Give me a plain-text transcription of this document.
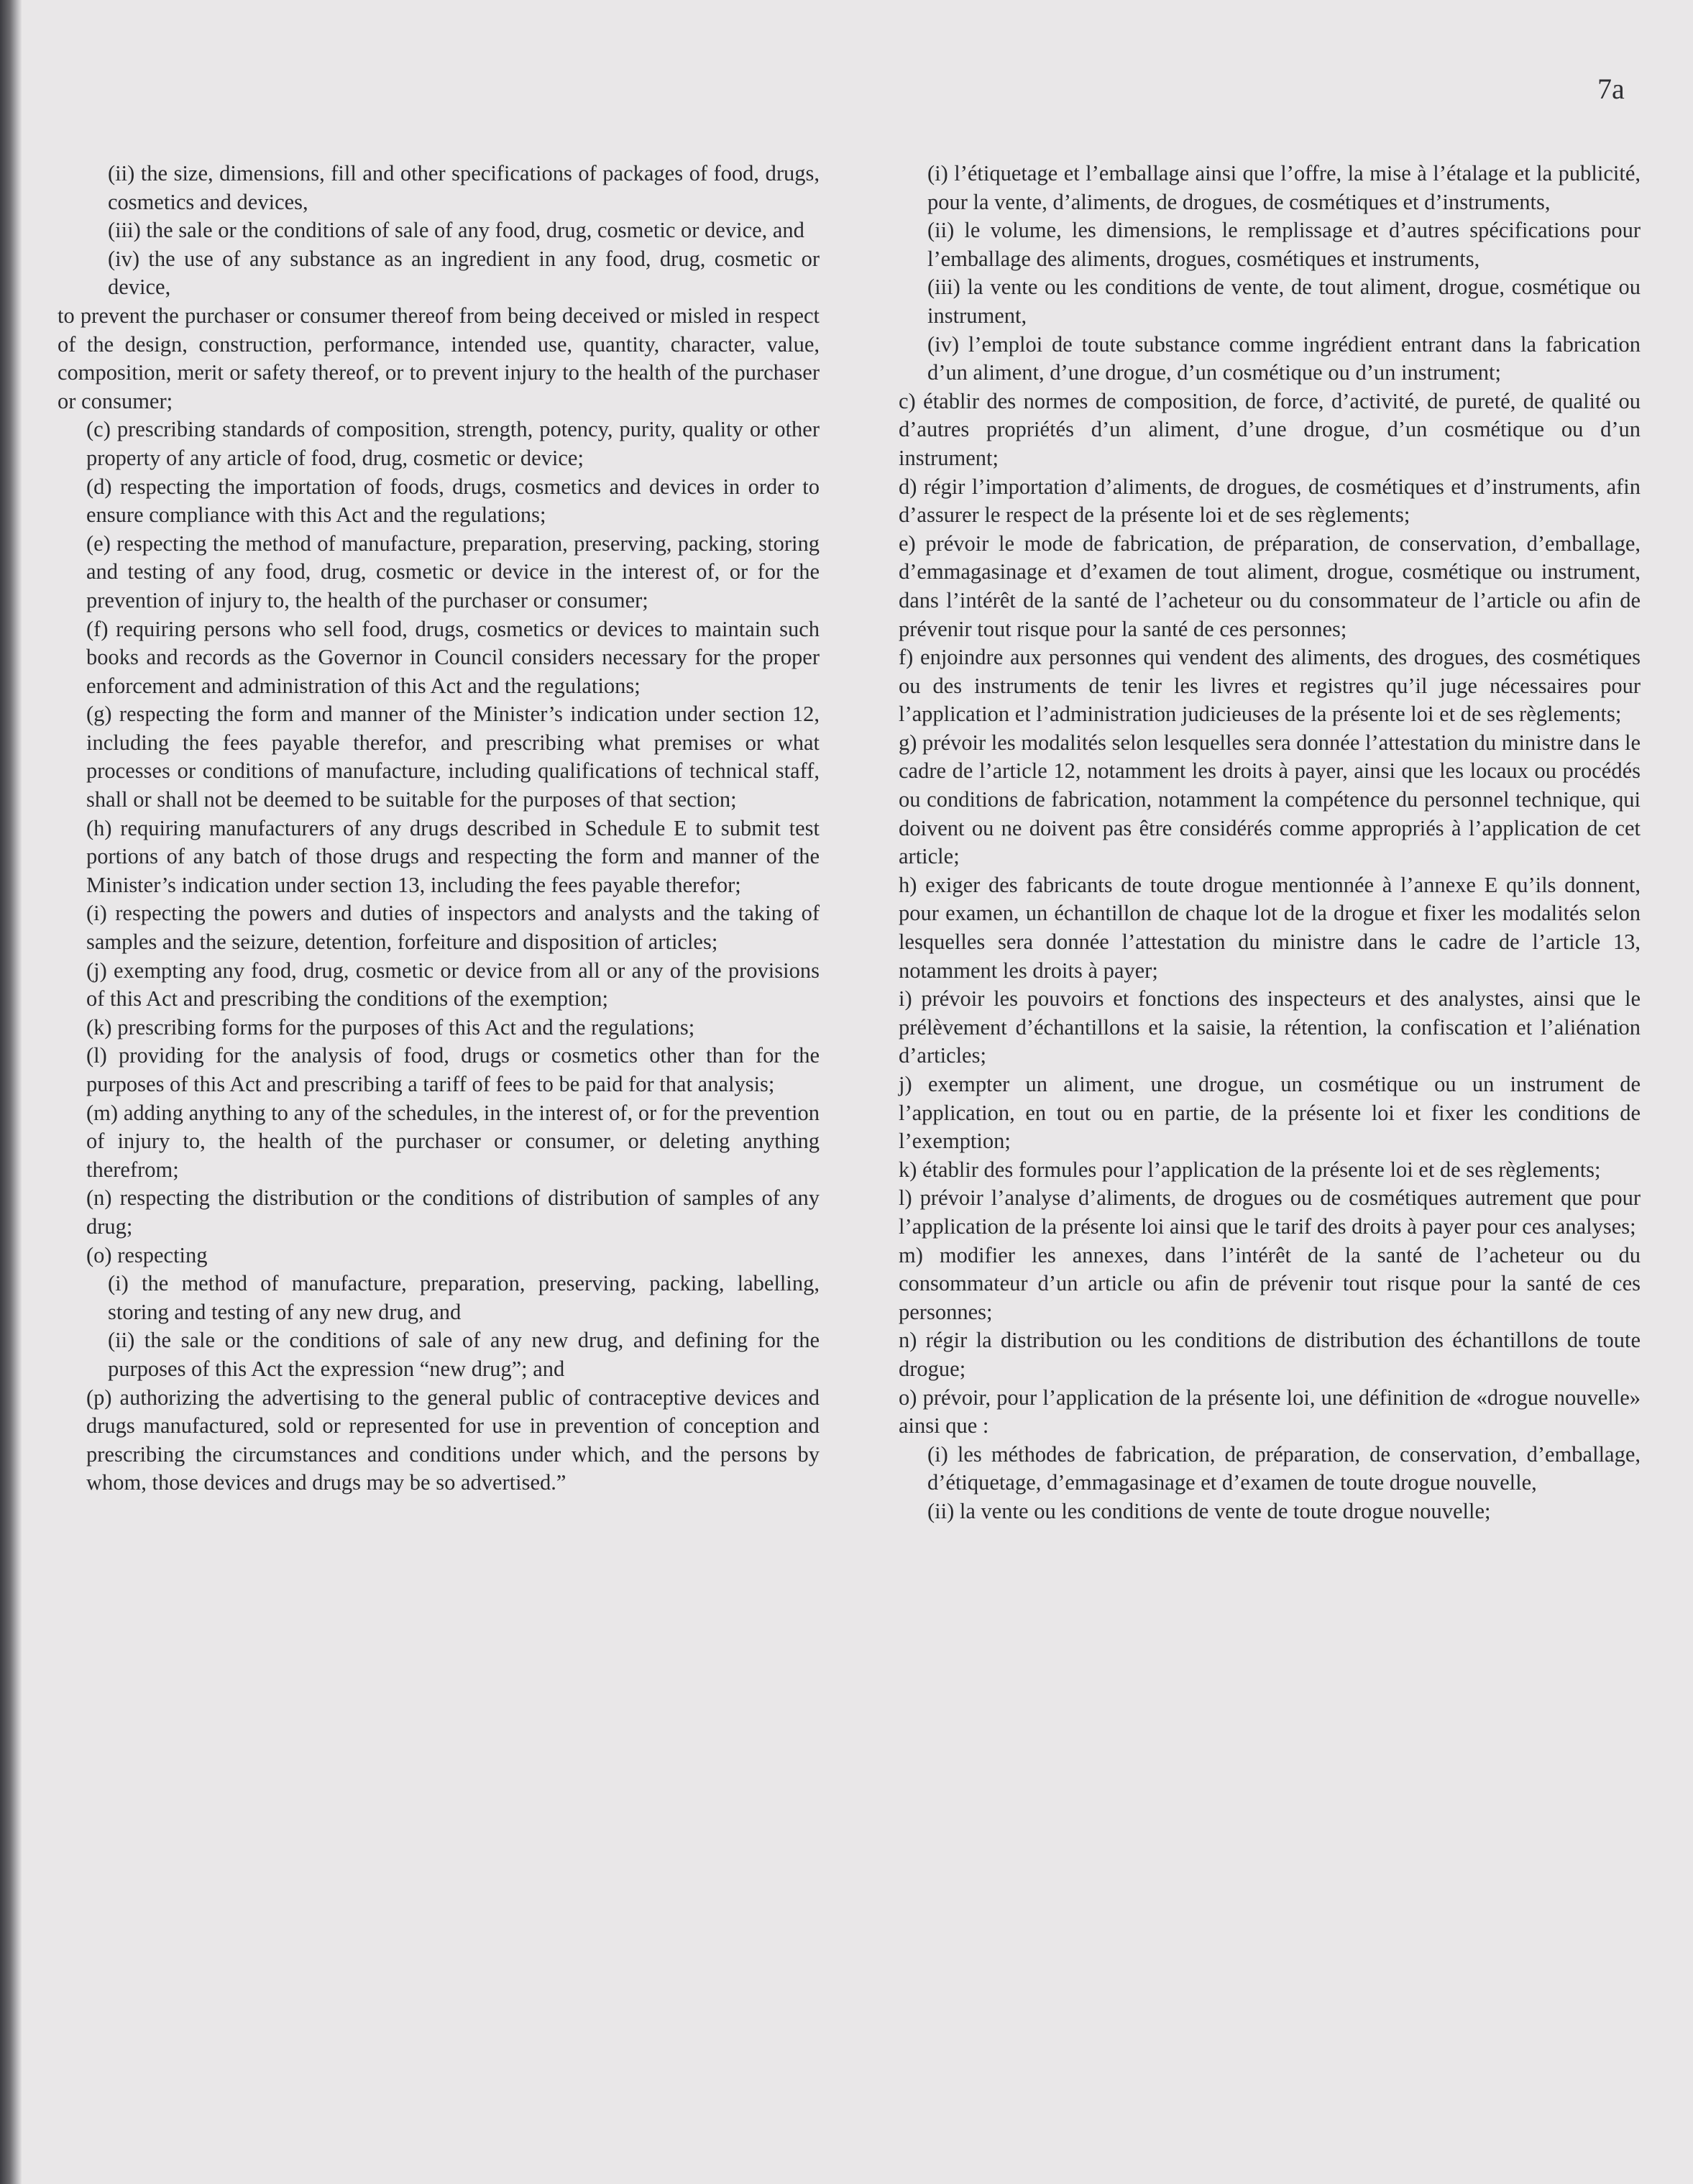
7a

(ii) the size, dimensions, fill and other specifications of packages of food, drugs, cosmetics and devices,

(iii) the sale or the conditions of sale of any food, drug, cosmetic or device, and

(iv) the use of any substance as an ingredient in any food, drug, cosmetic or device,

to prevent the purchaser or consumer thereof from being deceived or misled in respect of the design, construction, performance, intended use, quantity, character, value, composition, merit or safety thereof, or to prevent injury to the health of the purchaser or consumer;

(c) prescribing standards of composition, strength, potency, purity, quality or other property of any article of food, drug, cosmetic or device;

(d) respecting the importation of foods, drugs, cosmetics and devices in order to ensure compliance with this Act and the regulations;

(e) respecting the method of manufacture, preparation, preserving, packing, storing and testing of any food, drug, cosmetic or device in the interest of, or for the prevention of injury to, the health of the purchaser or consumer;

(f) requiring persons who sell food, drugs, cosmetics or devices to maintain such books and records as the Governor in Council considers necessary for the proper enforcement and administration of this Act and the regulations;

(g) respecting the form and manner of the Minister’s indication under section 12, including the fees payable therefor, and prescribing what premises or what processes or conditions of manufacture, including qualifications of technical staff, shall or shall not be deemed to be suitable for the purposes of that section;

(h) requiring manufacturers of any drugs described in Schedule E to submit test portions of any batch of those drugs and respecting the form and manner of the Minister’s indication under section 13, including the fees payable therefor;

(i) respecting the powers and duties of inspectors and analysts and the taking of samples and the seizure, detention, forfeiture and disposition of articles;

(j) exempting any food, drug, cosmetic or device from all or any of the provisions of this Act and prescribing the conditions of the exemption;

(k) prescribing forms for the purposes of this Act and the regulations;

(l) providing for the analysis of food, drugs or cosmetics other than for the purposes of this Act and prescribing a tariff of fees to be paid for that analysis;

(m) adding anything to any of the schedules, in the interest of, or for the prevention of injury to, the health of the purchaser or consumer, or deleting anything therefrom;

(n) respecting the distribution or the conditions of distribution of samples of any drug;

(o) respecting

(i) the method of manufacture, preparation, preserving, packing, labelling, storing and testing of any new drug, and

(ii) the sale or the conditions of sale of any new drug, and defining for the purposes of this Act the expression “new drug”; and

(p) authorizing the advertising to the general public of contraceptive devices and drugs manufactured, sold or represented for use in prevention of conception and prescribing the circumstances and conditions under which, and the persons by whom, those devices and drugs may be so advertised.”

(i) l’étiquetage et l’emballage ainsi que l’offre, la mise à l’étalage et la publicité, pour la vente, d’aliments, de drogues, de cosmétiques et d’instruments,

(ii) le volume, les dimensions, le remplissage et d’autres spécifications pour l’emballage des aliments, drogues, cosmétiques et instruments,

(iii) la vente ou les conditions de vente, de tout aliment, drogue, cosmétique ou instrument,

(iv) l’emploi de toute substance comme ingrédient entrant dans la fabrication d’un aliment, d’une drogue, d’un cosmétique ou d’un instrument;

c) établir des normes de composition, de force, d’activité, de pureté, de qualité ou d’autres propriétés d’un aliment, d’une drogue, d’un cosmétique ou d’un instrument;

d) régir l’importation d’aliments, de drogues, de cosmétiques et d’instruments, afin d’assurer le respect de la présente loi et de ses règlements;

e) prévoir le mode de fabrication, de préparation, de conservation, d’emballage, d’emmagasinage et d’examen de tout aliment, drogue, cosmétique ou instrument, dans l’intérêt de la santé de l’acheteur ou du consommateur de l’article ou afin de prévenir tout risque pour la santé de ces personnes;

f) enjoindre aux personnes qui vendent des aliments, des drogues, des cosmétiques ou des instruments de tenir les livres et registres qu’il juge nécessaires pour l’application et l’administration judicieuses de la présente loi et de ses règlements;

g) prévoir les modalités selon lesquelles sera donnée l’attestation du ministre dans le cadre de l’article 12, notamment les droits à payer, ainsi que les locaux ou procédés ou conditions de fabrication, notamment la compétence du personnel technique, qui doivent ou ne doivent pas être considérés comme appropriés à l’application de cet article;

h) exiger des fabricants de toute drogue mentionnée à l’annexe E qu’ils donnent, pour examen, un échantillon de chaque lot de la drogue et fixer les modalités selon lesquelles sera donnée l’attestation du ministre dans le cadre de l’article 13, notamment les droits à payer;

i) prévoir les pouvoirs et fonctions des inspecteurs et des analystes, ainsi que le prélèvement d’échantillons et la saisie, la rétention, la confiscation et l’aliénation d’articles;

j) exempter un aliment, une drogue, un cosmétique ou un instrument de l’application, en tout ou en partie, de la présente loi et fixer les conditions de l’exemption;

k) établir des formules pour l’application de la présente loi et de ses règlements;

l) prévoir l’analyse d’aliments, de drogues ou de cosmétiques autrement que pour l’application de la présente loi ainsi que le tarif des droits à payer pour ces analyses;

m) modifier les annexes, dans l’intérêt de la santé de l’acheteur ou du consommateur d’un article ou afin de prévenir tout risque pour la santé de ces personnes;

n) régir la distribution ou les conditions de distribution des échantillons de toute drogue;

o) prévoir, pour l’application de la présente loi, une définition de «drogue nouvelle» ainsi que :

(i) les méthodes de fabrication, de préparation, de conservation, d’emballage, d’étiquetage, d’emmagasinage et d’examen de toute drogue nouvelle,

(ii) la vente ou les conditions de vente de toute drogue nouvelle;
